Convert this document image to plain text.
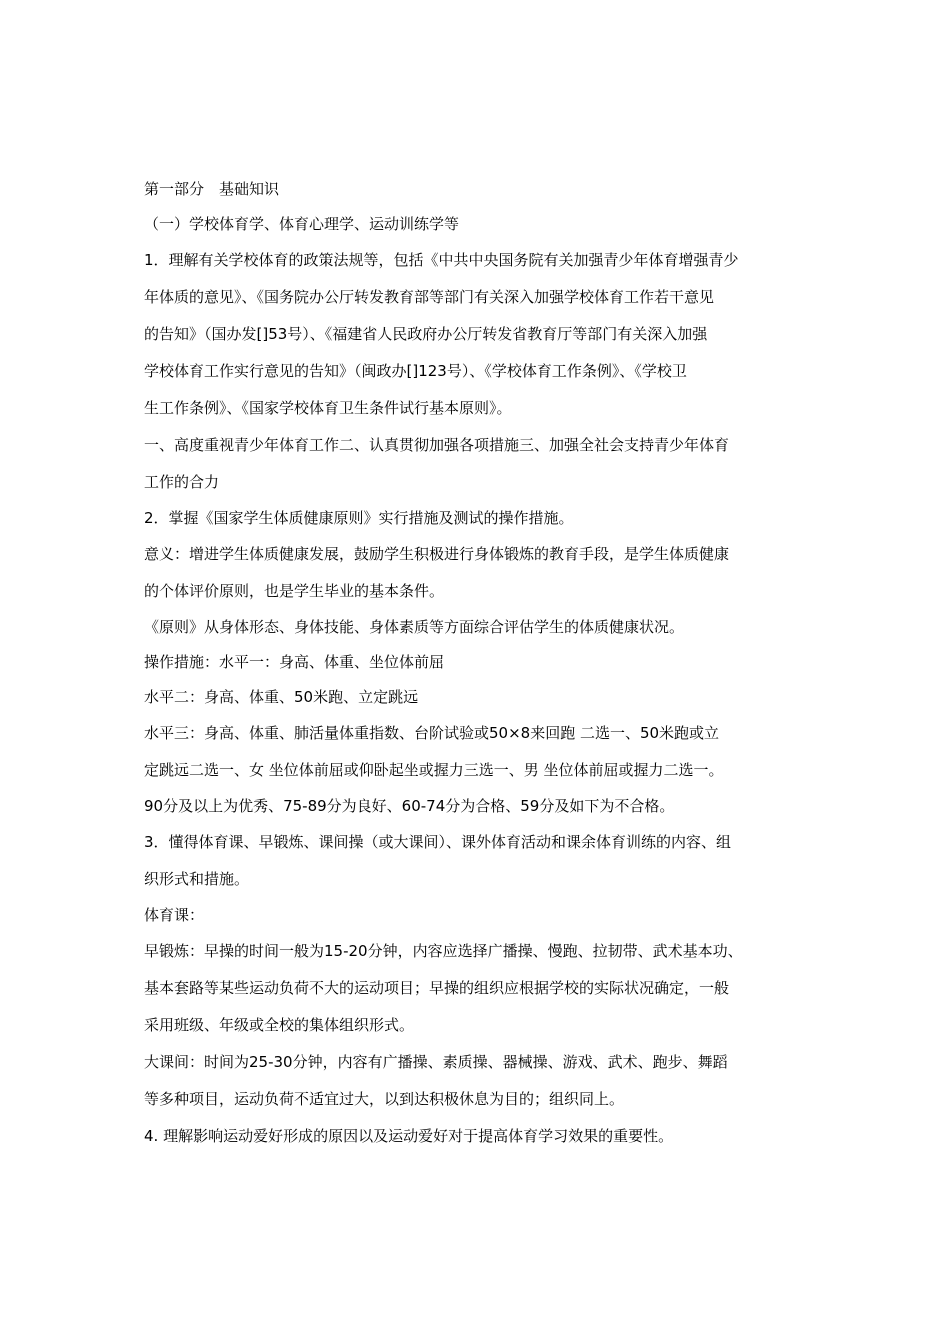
第一部分　基础知识
（一）学校体育学、体育心理学、运动训练学等
1．理解有关学校体育的政策法规等，包括《中共中央国务院有关加强青少年体育增强青少
年体质的意见》、《国务院办公厅转发教育部等部门有关深入加强学校体育工作若干意见
的告知》（国办发[]53号）、《福建省人民政府办公厅转发省教育厅等部门有关深入加强
学校体育工作实行意见的告知》（闽政办[]123号）、《学校体育工作条例》、《学校卫
生工作条例》、《国家学校体育卫生条件试行基本原则》。
一、高度重视青少年体育工作二、认真贯彻加强各项措施三、加强全社会支持青少年体育
工作的合力
2．掌握《国家学生体质健康原则》实行措施及测试的操作措施。
意义：增进学生体质健康发展，鼓励学生积极进行身体锻炼的教育手段，是学生体质健康
的个体评价原则，也是学生毕业的基本条件。
《原则》从身体形态、身体技能、身体素质等方面综合评估学生的体质健康状况。
操作措施：水平一：身高、体重、坐位体前屈
水平二：身高、体重、50米跑、立定跳远
水平三：身高、体重、肺活量体重指数、台阶试验或50×8来回跑 二选一、50米跑或立
定跳远二选一、女 坐位体前屈或仰卧起坐或握力三选一、男 坐位体前屈或握力二选一。
90分及以上为优秀、75-89分为良好、60-74分为合格、59分及如下为不合格。
3．懂得体育课、早锻炼、课间操（或大课间）、课外体育活动和课余体育训练的内容、组
织形式和措施。
体育课：
早锻炼：早操的时间一般为15-20分钟，内容应选择广播操、慢跑、拉韧带、武术基本功、
基本套路等某些运动负荷不大的运动项目；早操的组织应根据学校的实际状况确定，一般
采用班级、年级或全校的集体组织形式。
大课间：时间为25-30分钟，内容有广播操、素质操、器械操、游戏、武术、跑步、舞蹈
等多种项目，运动负荷不适宜过大，以到达积极休息为目的；组织同上。
4. 理解影响运动爱好形成的原因以及运动爱好对于提高体育学习效果的重要性。
